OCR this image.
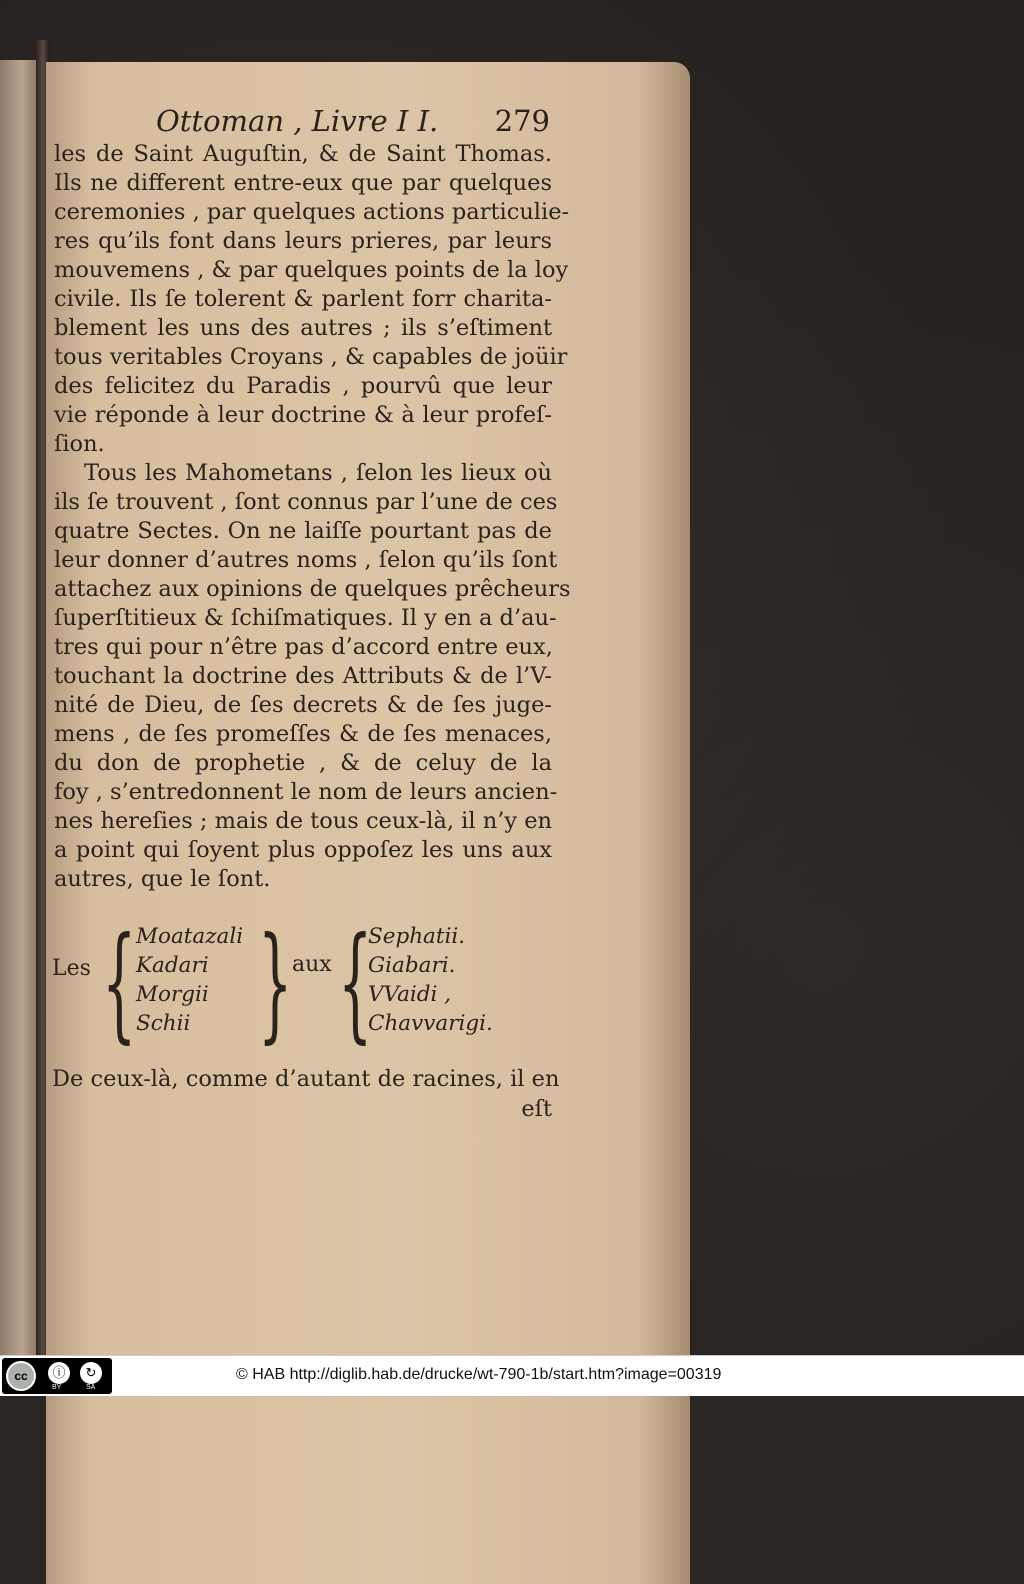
Ottoman , Livre I I. 279
les de Saint Auguſtin, & de Saint Thomas.
Ils ne different entre-eux que par quelques
ceremonies , par quelques actions particulie-
res qu’ils font dans leurs prieres, par leurs
mouvemens , & par quelques points de la loy
civile. Ils ſe tolerent & parlent forr charita-
blement les uns des autres ; ils s’eſtiment
tous veritables Croyans , & capables de joüir
des felicitez du Paradis , pourvû que leur
vie réponde à leur doctrine & à leur profeſ-
ſion.
Tous les Mahometans , ſelon les lieux où
ils ſe trouvent , ſont connus par l’une de ces
quatre Sectes. On ne laiſſe pourtant pas de
leur donner d’autres noms , ſelon qu’ils ſont
attachez aux opinions de quelques prêcheurs
ſuperſtitieux & ſchiſmatiques. Il y en a d’au-
tres qui pour n’être pas d’accord entre eux,
touchant la doctrine des Attributs & de l’V-
nité de Dieu, de ſes decrets & de ſes juge-
mens , de ſes promeſſes & de ſes menaces,
du don de prophetie , & de celuy de la
foy , s’entredonnent le nom de leurs ancien-
nes hereſies ; mais de tous ceux-là, il n’y en
a point qui ſoyent plus oppoſez les uns aux
autres, que le ſont.
Les { Moatazali
Kadari
Morgii
Schii } aux {
Sephatii.
Giabari.
VVaidi ,
Chavvarigi.
De ceux-là, comme d’autant de racines, il en
eſt
cc	ⓘ	↻
BY	SA
© HAB http://diglib.hab.de/drucke/wt-790-1b/start.htm?image=00319
